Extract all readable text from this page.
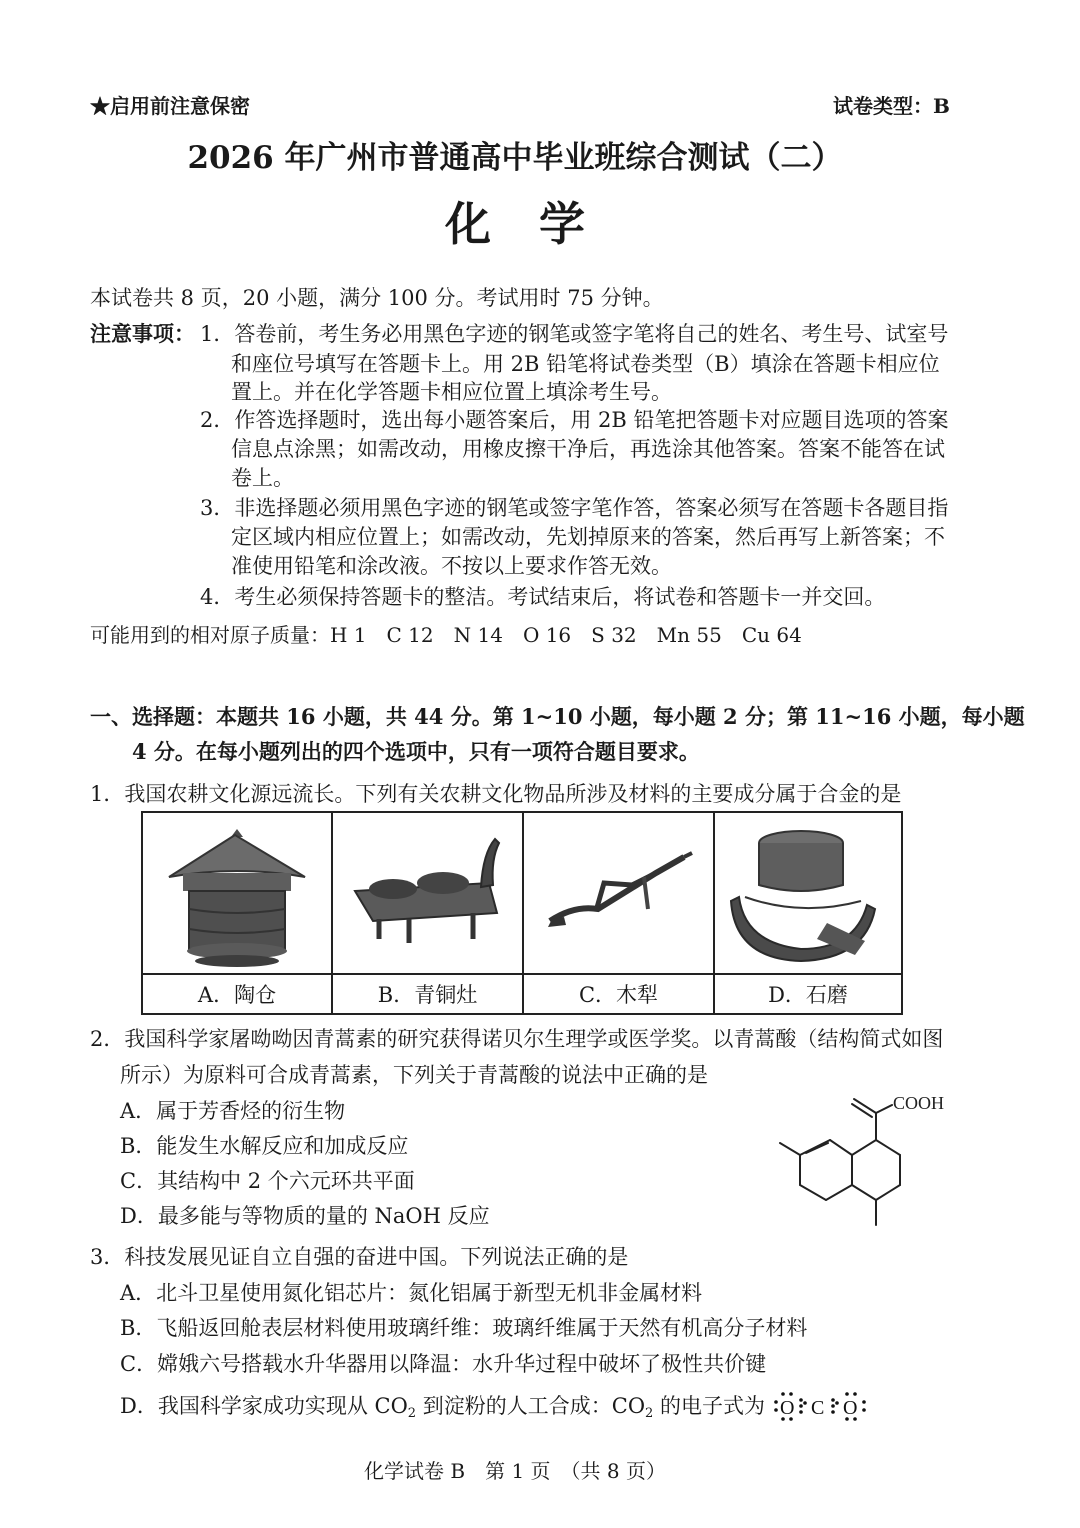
★启用前注意保密	试卷类型：B
2026 年广州市普通高中毕业班综合测试（二）
化学
本试卷共 8 页，20 小题，满分 100 分。考试用时 75 分钟。
注意事项： 1．答卷前，考生务必用黑色字迹的钢笔或签字笔将自己的姓名、考生号、试室号
和座位号填写在答题卡上。用 2B 铅笔将试卷类型（B）填涂在答题卡相应位
置上。并在化学答题卡相应位置上填涂考生号。
2．作答选择题时，选出每小题答案后，用 2B 铅笔把答题卡对应题目选项的答案
信息点涂黑；如需改动，用橡皮擦干净后，再选涂其他答案。答案不能答在试
卷上。
3．非选择题必须用黑色字迹的钢笔或签字笔作答，答案必须写在答题卡各题目指
定区域内相应位置上；如需改动，先划掉原来的答案，然后再写上新答案；不
准使用铅笔和涂改液。不按以上要求作答无效。
4．考生必须保持答题卡的整洁。考试结束后，将试卷和答题卡一并交回。
可能用到的相对原子质量：H 1　C 12　N 14　O 16　S 32　Mn 55　Cu 64
一、选择题：本题共 16 小题，共 44 分。第 1~10 小题，每小题 2 分；第 11~16 小题，每小题
4 分。在每小题列出的四个选项中，只有一项符合题目要求。
1．我国农耕文化源远流长。下列有关农耕文化物品所涉及材料的主要成分属于合金的是
A．陶仓	B．青铜灶	C．木犁	D．石磨
2．我国科学家屠呦呦因青蒿素的研究获得诺贝尔生理学或医学奖。以青蒿酸（结构简式如图
所示）为原料可合成青蒿素，下列关于青蒿酸的说法中正确的是
A．属于芳香烃的衍生物
B．能发生水解反应和加成反应
C．其结构中 2 个六元环共平面
D．最多能与等物质的量的 NaOH 反应
COOH
3．科技发展见证自立自强的奋进中国。下列说法正确的是
A．北斗卫星使用氮化铝芯片：氮化铝属于新型无机非金属材料
B．飞船返回舱表层材料使用玻璃纤维：玻璃纤维属于天然有机高分子材料
C．嫦娥六号搭载水升华器用以降温：水升华过程中破坏了极性共价键
D．我国科学家成功实现从 $CO_2$ 到淀粉的人工合成：$CO_2$ 的电子式为 O C O
化学试卷 B　第 1 页　（共 8 页）
